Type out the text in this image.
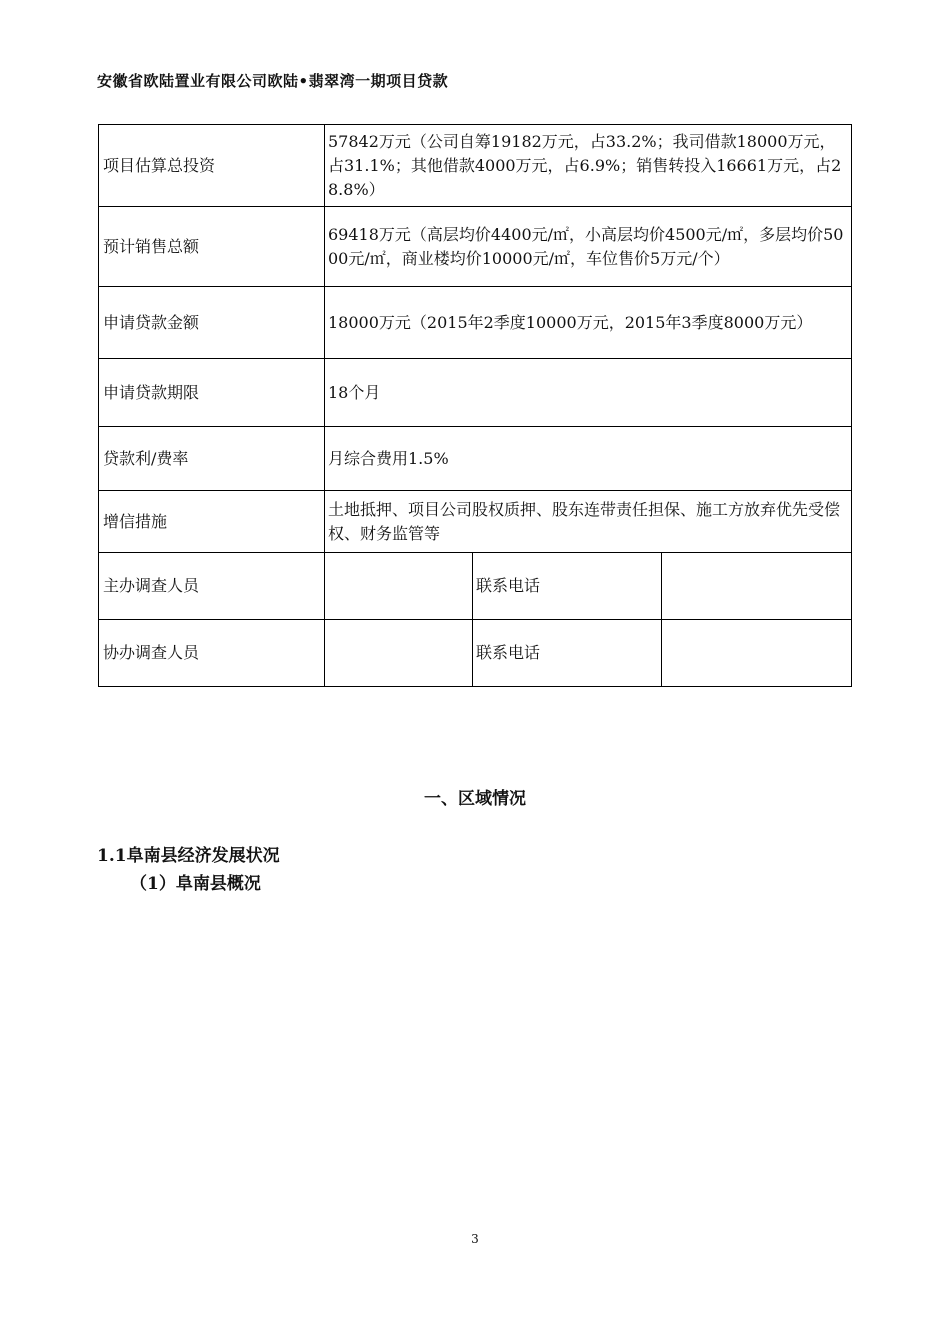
安徽省欧陆置业有限公司欧陆•翡翠湾一期项目贷款
项目估算总投资	57842万元（公司自筹19182万元，占33.2%；我司借款18000万元，占31.1%；其他借款4000万元，占6.9%；销售转投入16661万元，占28.8%）		
预计销售总额	69418万元（高层均价4400元/㎡，小高层均价4500元/㎡，多层均价5000元/㎡，商业楼均价10000元/㎡，车位售价5万元/个）		
申请贷款金额	18000万元（2015年2季度10000万元，2015年3季度8000万元）		
申请贷款期限	18个月		
贷款利/费率	月综合费用1.5%		
增信措施	土地抵押、项目公司股权质押、股东连带责任担保、施工方放弃优先受偿权、财务监管等		
主办调查人员		联系电话	
协办调查人员		联系电话	
一、区域情况
1.1阜南县经济发展状况
（1）阜南县概况
3
